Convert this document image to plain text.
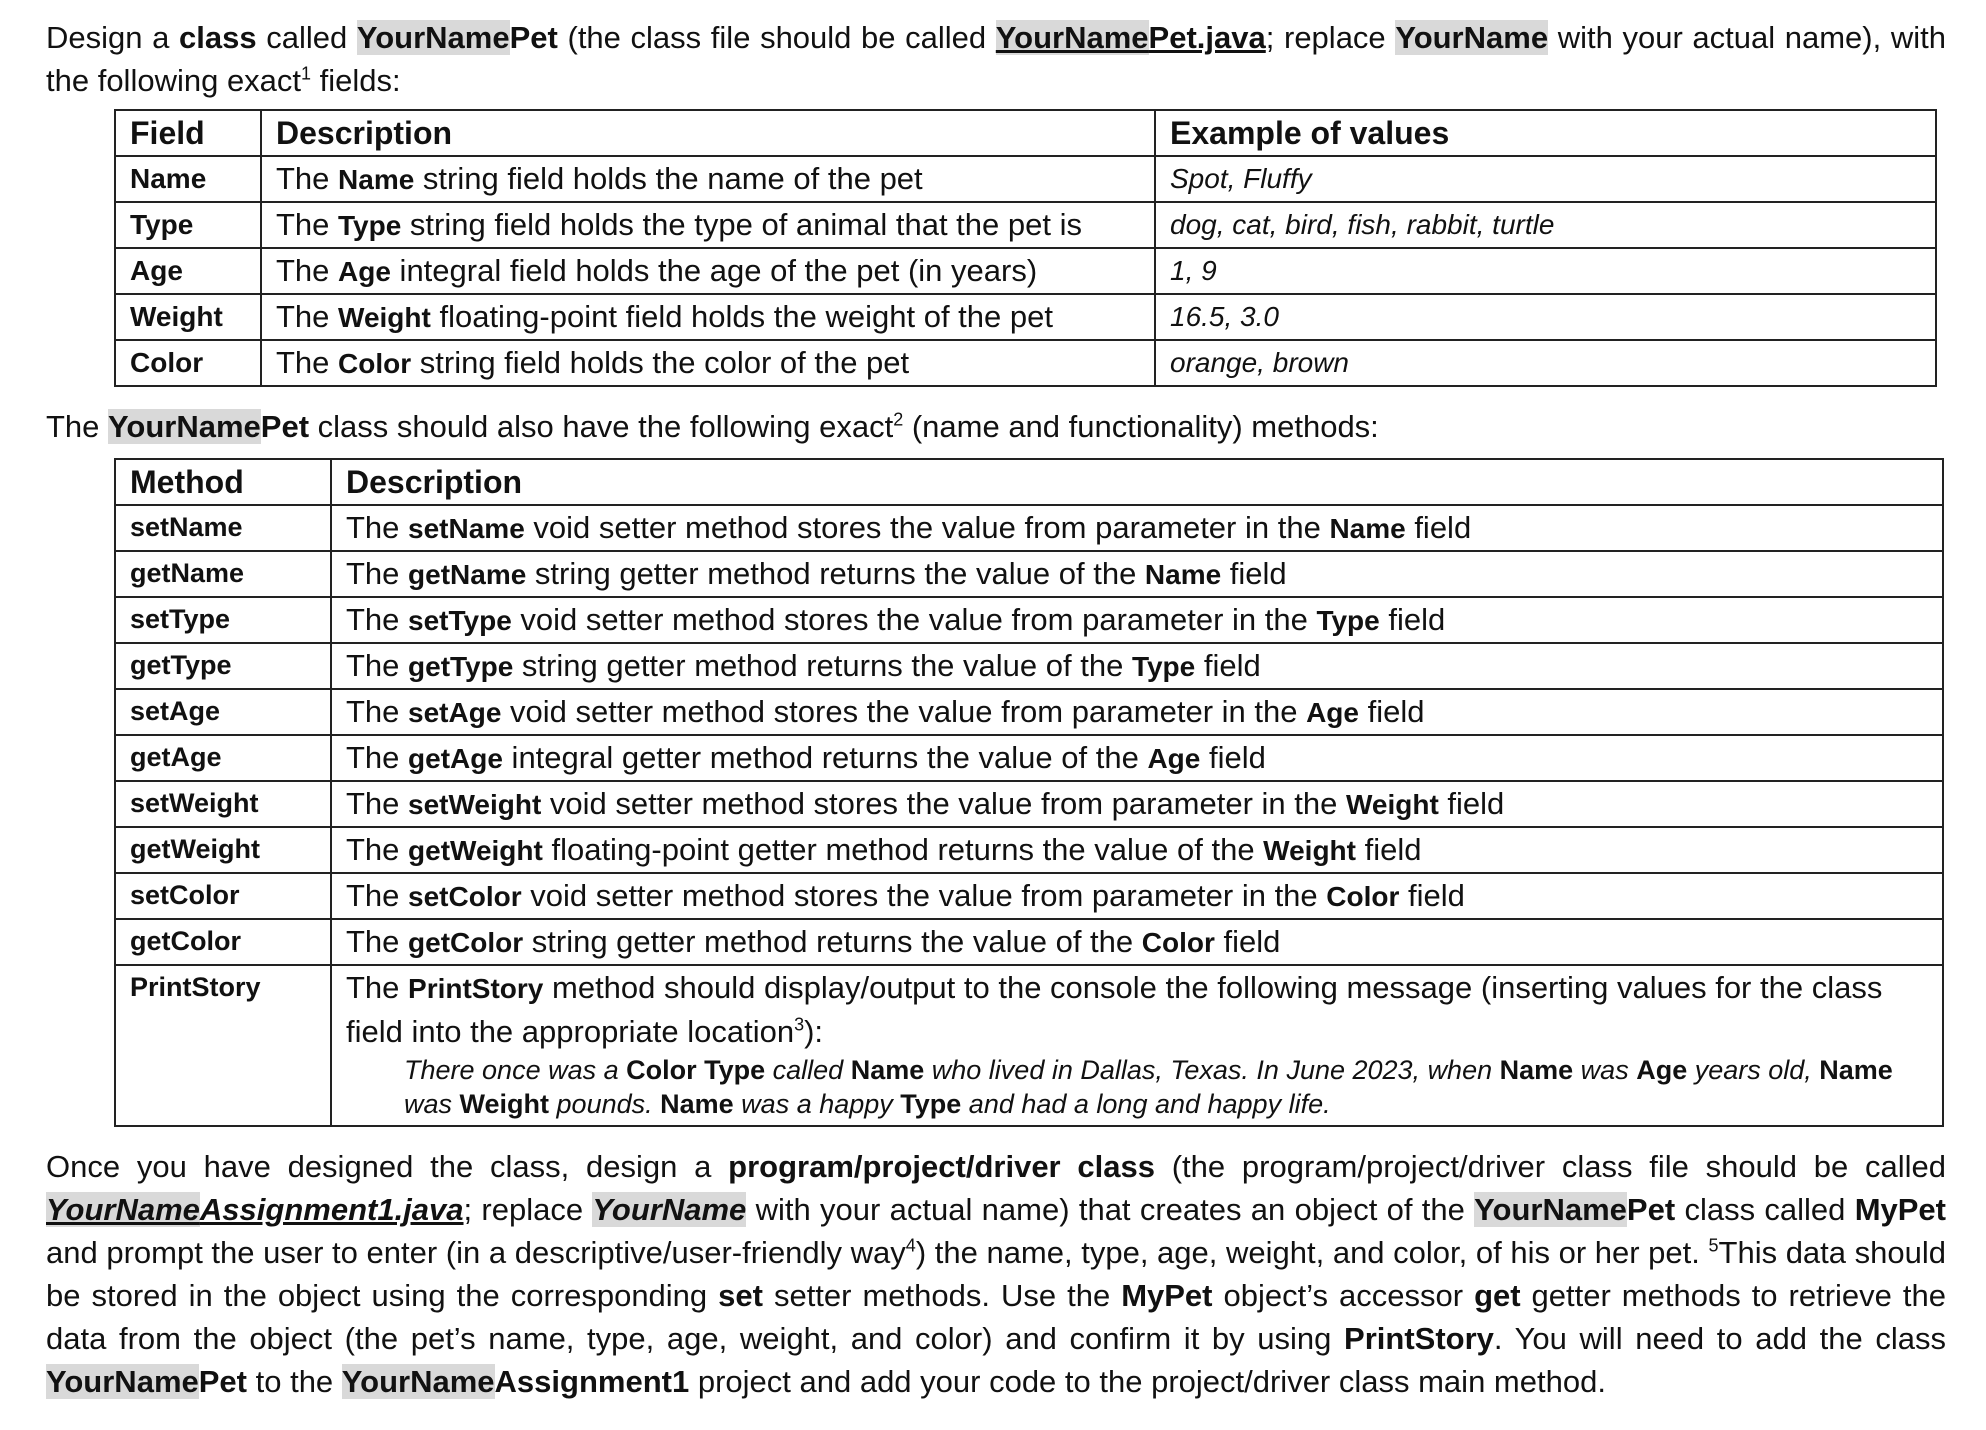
Design a class called YourNamePet (the class file should be called YourNamePet.java; replace YourName with your actual name), with the following exact$^1$ fields:

Field	Description	Example of values
Name	The Name string field holds the name of the pet	Spot, Fluffy
Type	The Type string field holds the type of animal that the pet is	dog, cat, bird, fish, rabbit, turtle
Age	The Age integral field holds the age of the pet (in years)	1, 9
Weight	The Weight floating-point field holds the weight of the pet	16.5, 3.0
Color	The Color string field holds the color of the pet	orange, brown

The YourNamePet class should also have the following exact$^2$ (name and functionality) methods:

Method	Description
setName	The setName void setter method stores the value from parameter in the Name field
getName	The getName string getter method returns the value of the Name field
setType	The setType void setter method stores the value from parameter in the Type field
getType	The getType string getter method returns the value of the Type field
setAge	The setAge void setter method stores the value from parameter in the Age field
getAge	The getAge integral getter method returns the value of the Age field
setWeight	The setWeight void setter method stores the value from parameter in the Weight field
getWeight	The getWeight floating-point getter method returns the value of the Weight field
setColor	The setColor void setter method stores the value from parameter in the Color field
getColor	The getColor string getter method returns the value of the Color field
PrintStory	The PrintStory method should display/output to the console the following message (inserting values for the class field into the appropriate location$^3$):
There once was a Color Type called Name who lived in Dallas, Texas. In June 2023, when Name was Age years old, Name was Weight pounds. Name was a happy Type and had a long and happy life.

Once you have designed the class, design a program/project/driver class (the program/project/driver class file should be called YourNameAssignment1.java; replace YourName with your actual name) that creates an object of the YourNamePet class called MyPet and prompt the user to enter (in a descriptive/user-friendly way$^4$) the name, type, age, weight, and color, of his or her pet. $^5$This data should be stored in the object using the corresponding set setter methods. Use the MyPet object’s accessor get getter methods to retrieve the data from the object (the pet’s name, type, age, weight, and color) and confirm it by using PrintStory. You will need to add the class YourNamePet to the YourNameAssignment1 project and add your code to the project/driver class main method.
